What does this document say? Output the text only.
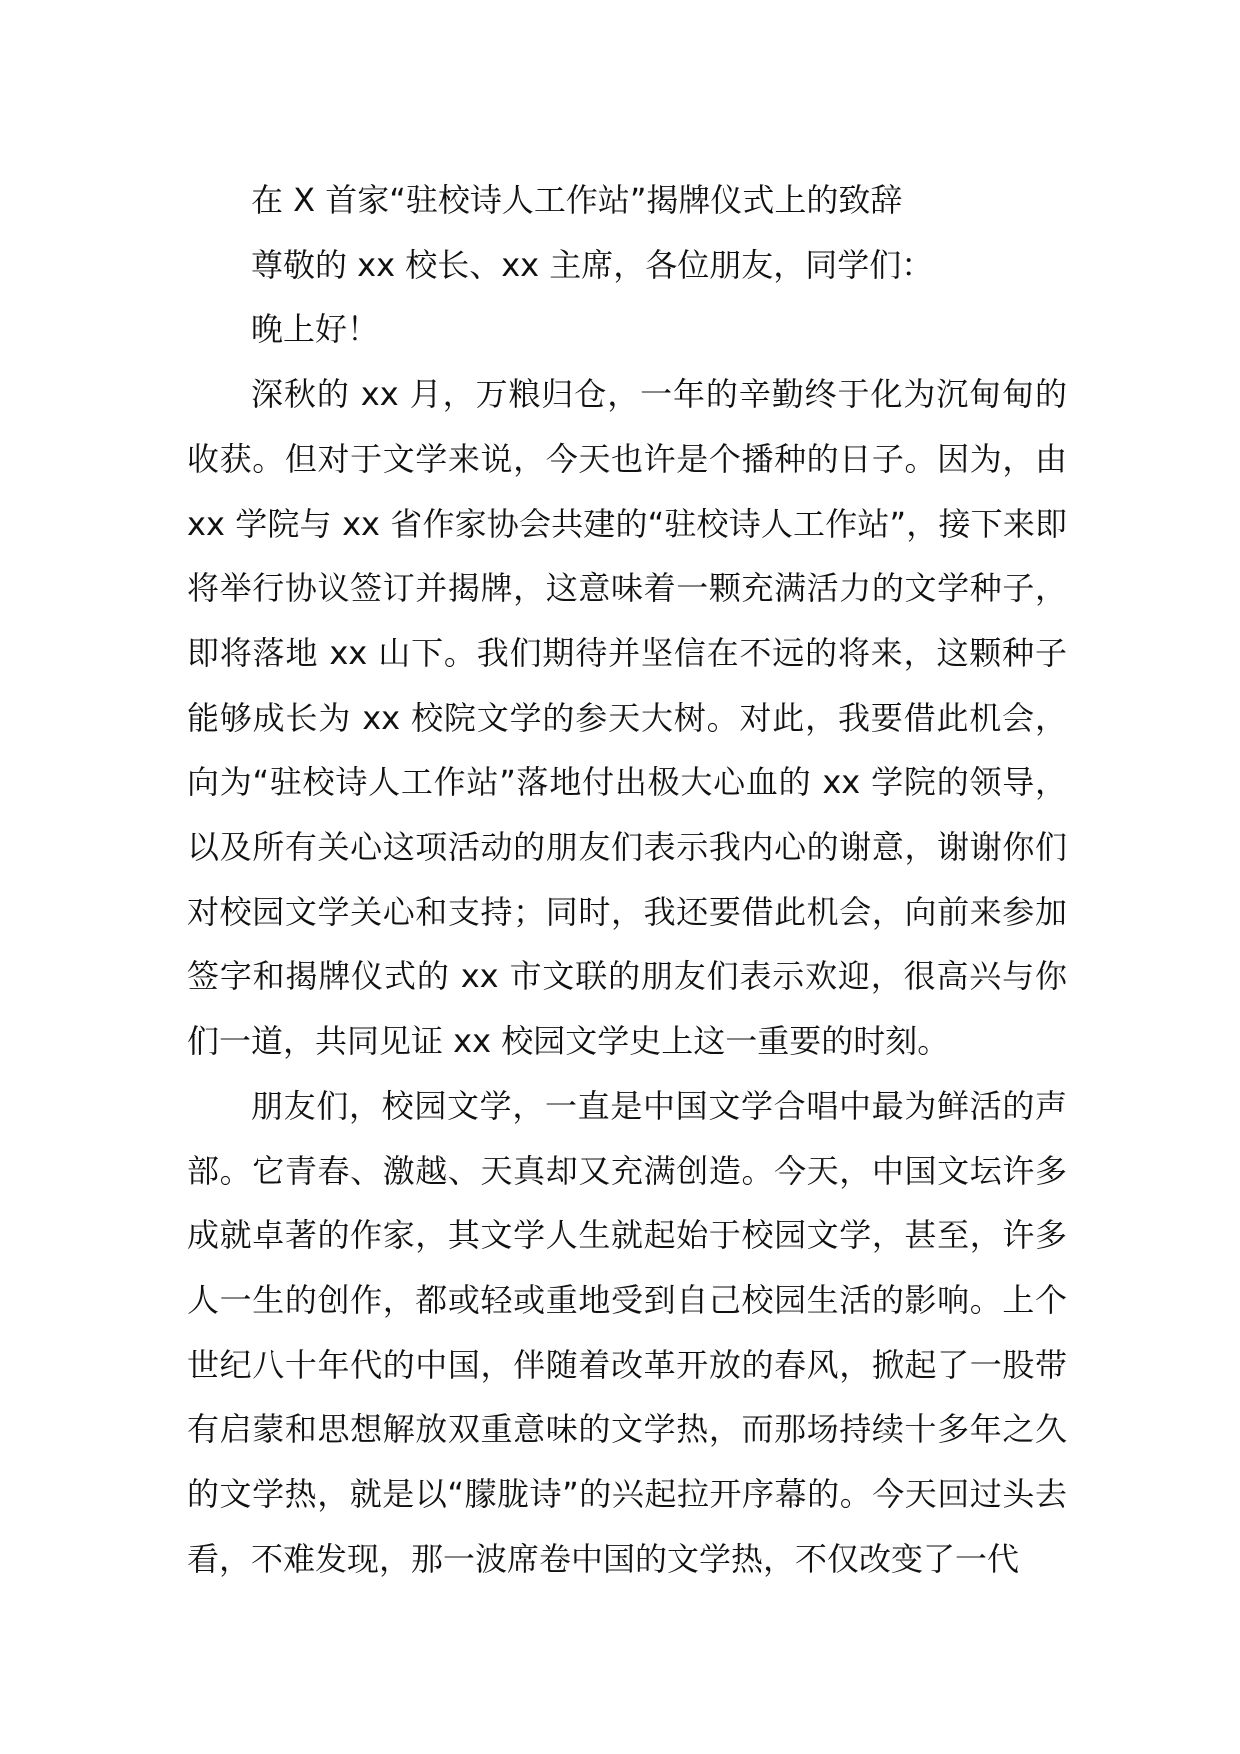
在 X 首家“驻校诗人工作站”揭牌仪式上的致辞

尊敬的 xx 校长、xx 主席，各位朋友，同学们：

晚上好！

深秋的 xx 月，万粮归仓，一年的辛勤终于化为沉甸甸的收获。但对于文学来说，今天也许是个播种的日子。因为，由 xx 学院与 xx 省作家协会共建的“驻校诗人工作站”，接下来即将举行协议签订并揭牌，这意味着一颗充满活力的文学种子，即将落地 xx 山下。我们期待并坚信在不远的将来，这颗种子能够成长为 xx 校院文学的参天大树。对此，我要借此机会，向为“驻校诗人工作站”落地付出极大心血的 xx 学院的领导，以及所有关心这项活动的朋友们表示我内心的谢意，谢谢你们对校园文学关心和支持；同时，我还要借此机会，向前来参加签字和揭牌仪式的 xx 市文联的朋友们表示欢迎，很高兴与你们一道，共同见证 xx 校园文学史上这一重要的时刻。

朋友们，校园文学，一直是中国文学合唱中最为鲜活的声部。它青春、激越、天真却又充满创造。今天，中国文坛许多成就卓著的作家，其文学人生就起始于校园文学，甚至，许多人一生的创作，都或轻或重地受到自己校园生活的影响。上个世纪八十年代的中国，伴随着改革开放的春风，掀起了一股带有启蒙和思想解放双重意味的文学热，而那场持续十多年之久的文学热，就是以“朦胧诗”的兴起拉开序幕的。今天回过头去看，不难发现，那一波席卷中国的文学热，不仅改变了一代
